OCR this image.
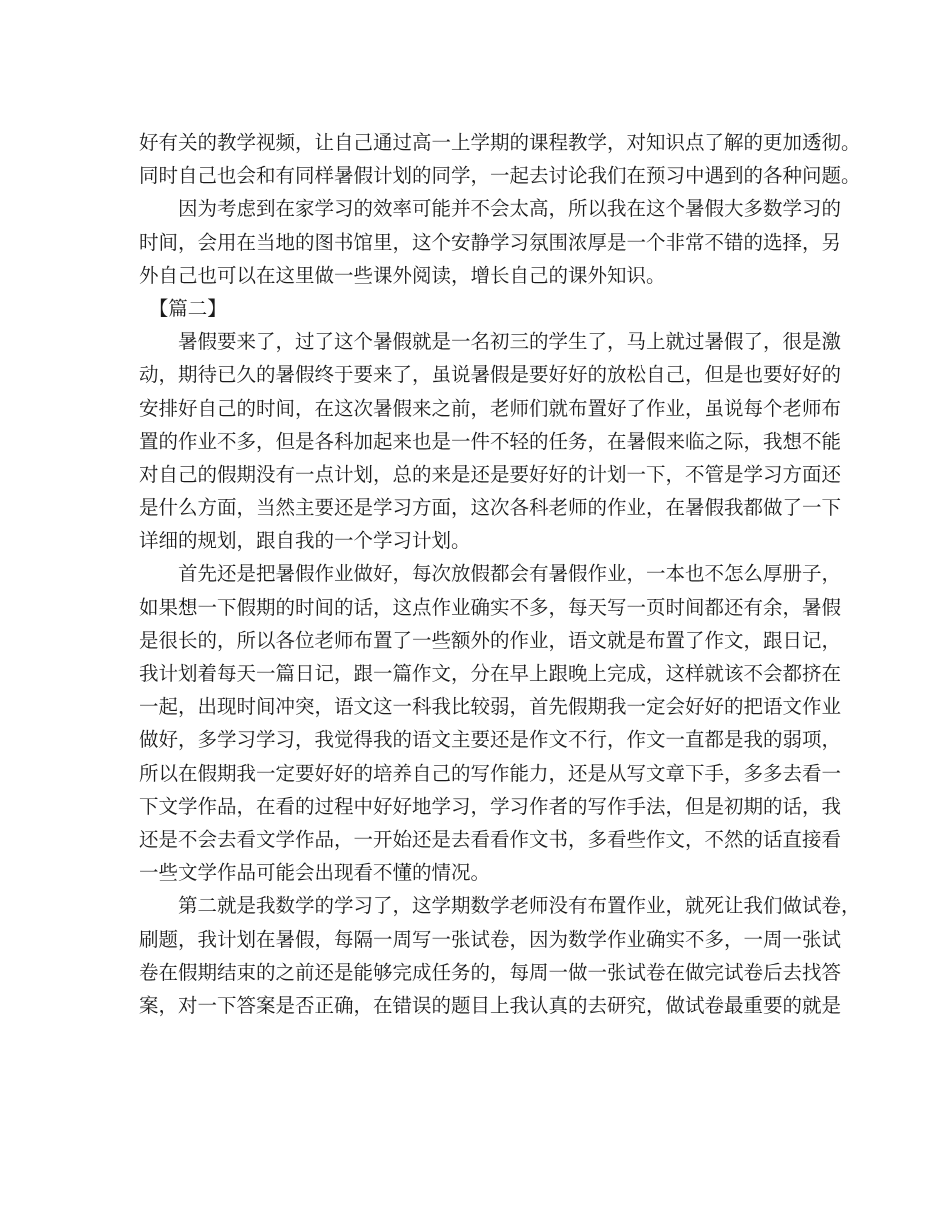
好有关的教学视频，让自己通过高一上学期的课程教学，对知识点了解的更加透彻。
同时自己也会和有同样暑假计划的同学，一起去讨论我们在预习中遇到的各种问题。
　　因为考虑到在家学习的效率可能并不会太高，所以我在这个暑假大多数学习的
时间，会用在当地的图书馆里，这个安静学习氛围浓厚是一个非常不错的选择，另
外自己也可以在这里做一些课外阅读，增长自己的课外知识。
　【篇二】
　　暑假要来了，过了这个暑假就是一名初三的学生了，马上就过暑假了，很是激
动，期待已久的暑假终于要来了，虽说暑假是要好好的放松自己，但是也要好好的
安排好自己的时间，在这次暑假来之前，老师们就布置好了作业，虽说每个老师布
置的作业不多，但是各科加起来也是一件不轻的任务，在暑假来临之际，我想不能
对自己的假期没有一点计划，总的来是还是要好好的计划一下，不管是学习方面还
是什么方面，当然主要还是学习方面，这次各科老师的作业，在暑假我都做了一下
详细的规划，跟自我的一个学习计划。
　　首先还是把暑假作业做好，每次放假都会有暑假作业，一本也不怎么厚册子，
如果想一下假期的时间的话，这点作业确实不多，每天写一页时间都还有余，暑假
是很长的，所以各位老师布置了一些额外的作业，语文就是布置了作文，跟日记，
我计划着每天一篇日记，跟一篇作文，分在早上跟晚上完成，这样就该不会都挤在
一起，出现时间冲突，语文这一科我比较弱，首先假期我一定会好好的把语文作业
做好，多学习学习，我觉得我的语文主要还是作文不行，作文一直都是我的弱项，
所以在假期我一定要好好的培养自己的写作能力，还是从写文章下手，多多去看一
下文学作品，在看的过程中好好地学习，学习作者的写作手法，但是初期的话，我
还是不会去看文学作品，一开始还是去看看作文书，多看些作文，不然的话直接看
一些文学作品可能会出现看不懂的情况。
　　第二就是我数学的学习了，这学期数学老师没有布置作业，就死让我们做试卷，
刷题，我计划在暑假，每隔一周写一张试卷，因为数学作业确实不多，一周一张试
卷在假期结束的之前还是能够完成任务的，每周一做一张试卷在做完试卷后去找答
案，对一下答案是否正确，在错误的题目上我认真的去研究，做试卷最重要的就是
